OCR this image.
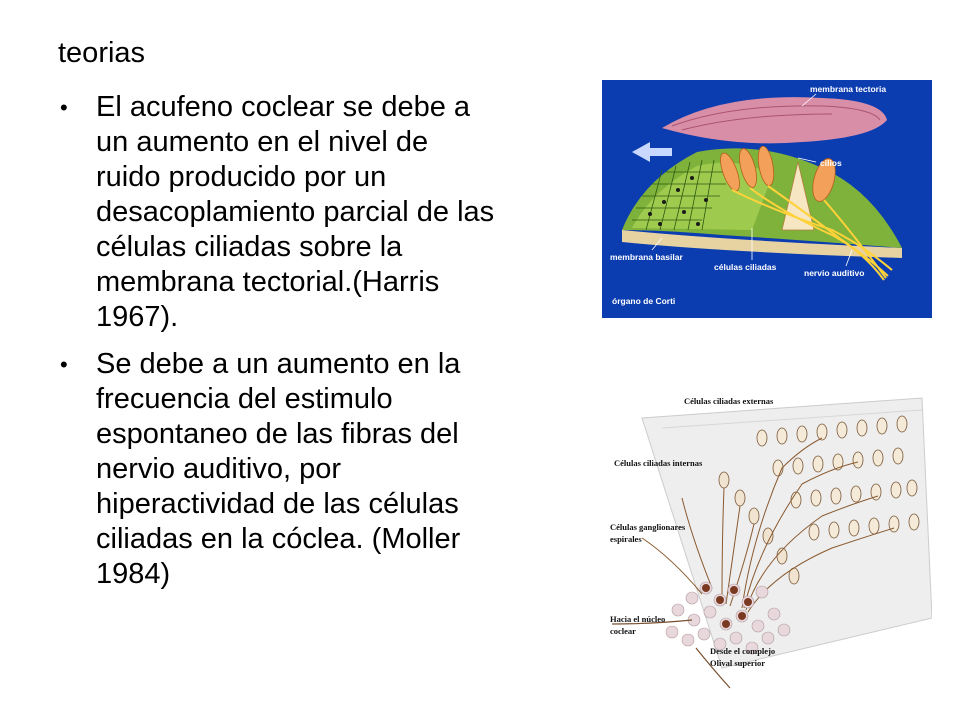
teorias
• El acufeno coclear se debe a
un aumento en el nivel de
ruido producido por un
desacoplamiento parcial de las
células ciliadas sobre la
membrana tectorial.(Harris
1967).
• Se debe a un aumento en la
frecuencia del estimulo
espontaneo de las fibras del
nervio auditivo, por
hiperactividad de las células
ciliadas en la cóclea. (Moller
1984)
membrana tectoria
cilios
membrana basilar
células ciliadas
nervio auditivo
órgano de Corti
Células ciliadas externas
Células ciliadas internas
Células ganglionares
espirales
Hacia el núcleo
coclear
Desde el complejo
Olival superior
